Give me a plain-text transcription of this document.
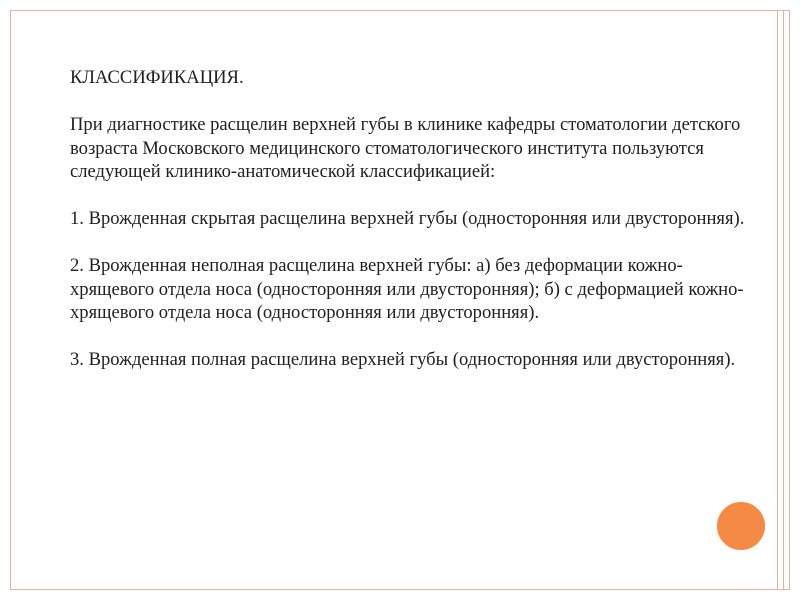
КЛАССИФИКАЦИЯ.

При диагностике расщелин верхней губы в клинике кафедры стоматологии детского возраста Московского медицинского стоматологического института пользуются следующей клинико-анатомической классификацией:

1. Врожденная скрытая расщелина верхней губы (односторонняя или двусторонняя).

2. Врожденная неполная расщелина верхней губы: а) без деформации кожно-хрящевого отдела носа (односторонняя или двусторонняя); б) с деформацией кожно-хрящевого отдела носа (односторонняя или двусторонняя).

3. Врожденная полная расщелина верхней губы (односторонняя или двусторонняя).
